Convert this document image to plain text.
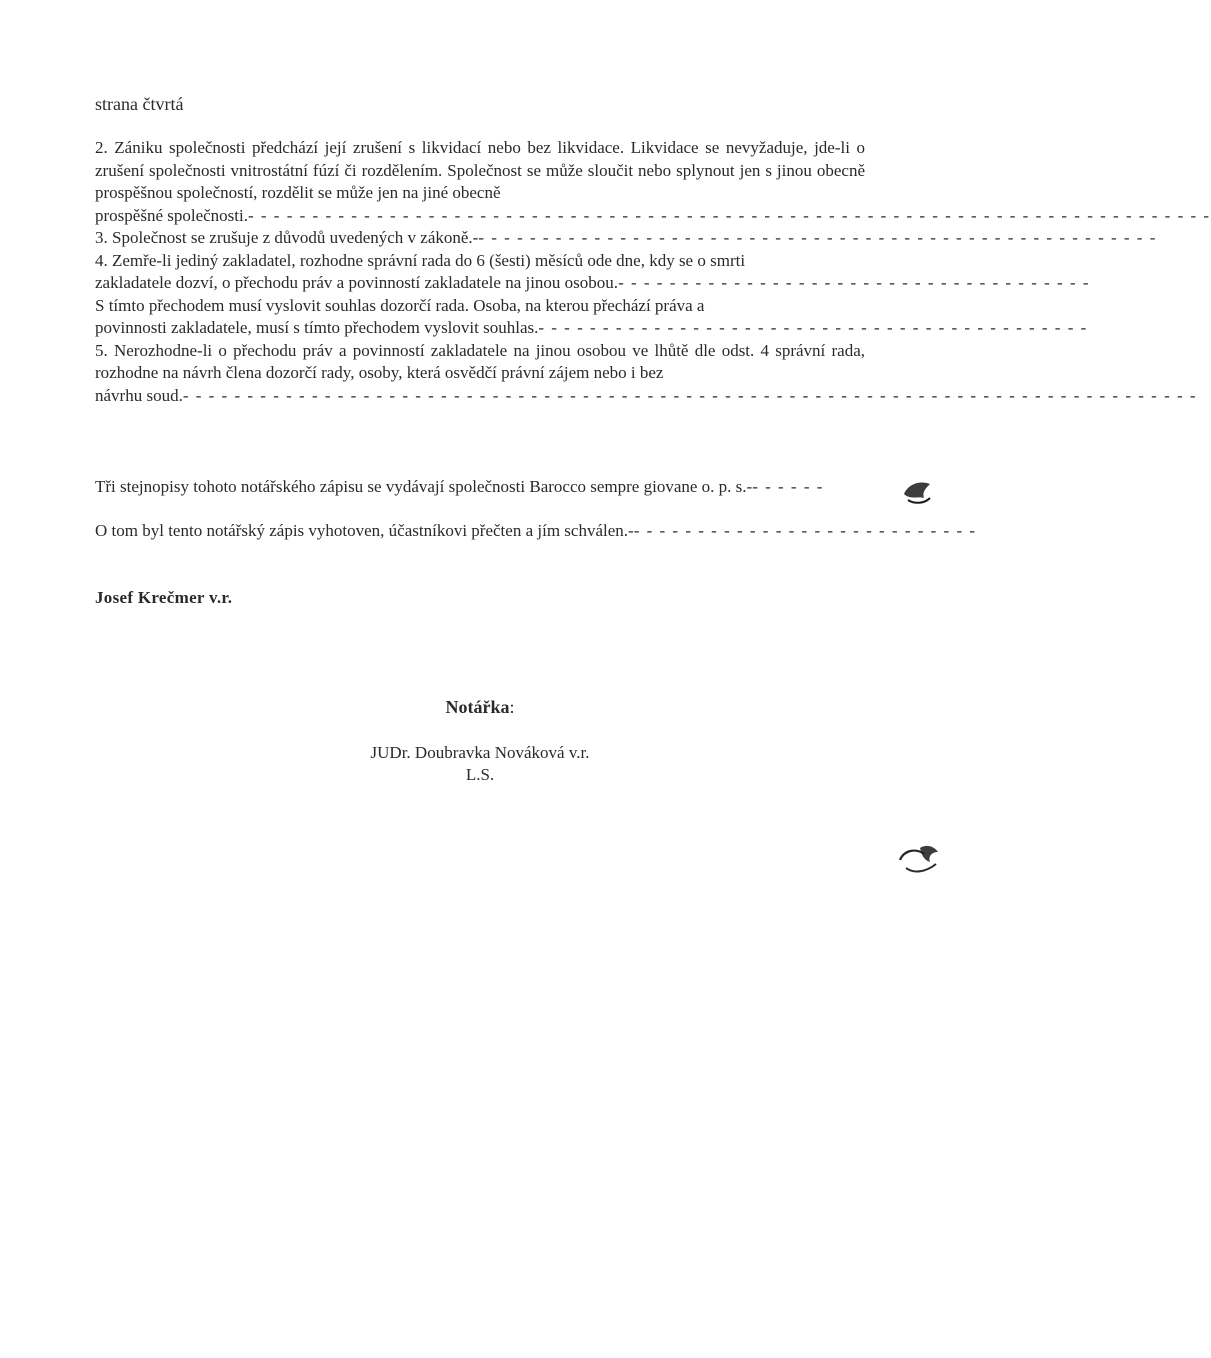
strana čtvrtá

2. Zániku společnosti předchází její zrušení s likvidací nebo bez likvidace. Likvidace se nevyžaduje, jde-li o zrušení společnosti vnitrostátní fúzí či rozdělením. Společnost se může sloučit nebo splynout jen s jinou obecně prospěšnou společností, rozdělit se může jen na jiné obecně

prospěšné společnosti. - - - - - - - - - - - - - - - - - - - - - - - - - - - - - - - - - - - - - - - - - - - - - - - - - - - - - - - - - - - - - - - - - - - - - - - - - - -

3. Společnost se zrušuje z důvodů uvedených v zákoně.- - - - - - - - - - - - - - - - - - - - - - - - - - - - - - - - - - - - - - - - - - - - - - - - - - - - - -

4. Zemře-li jediný zakladatel, rozhodne správní rada do 6 (šesti) měsíců ode dne, kdy se o smrti

zakladatele dozví, o přechodu práv a povinností zakladatele na jinou osobou. - - - - - - - - - - - - - - - - - - - - - - - - - - - - - - - - - - - - -

S tímto přechodem musí vyslovit souhlas dozorčí rada. Osoba, na kterou přechází práva a

povinnosti zakladatele, musí s tímto přechodem vyslovit souhlas. - - - - - - - - - - - - - - - - - - - - - - - - - - - - - - - - - - - - - - - - - - -

5. Nerozhodne-li o přechodu práv a povinností zakladatele na jinou osobou ve lhůtě dle odst. 4 správní rada, rozhodne na návrh člena dozorčí rady, osoby, která osvědčí právní zájem nebo i bez

návrhu soud. - - - - - - - - - - - - - - - - - - - - - - - - - - - - - - - - - - - - - - - - - - - - - - - - - - - - - - - - - - - - - - - - - - - - - - - - - - - - - - -

Tři stejnopisy tohoto notářského zápisu se vydávají společnosti Barocco sempre giovane o. p. s.- - - - - - -

O tom byl tento notářský zápis vyhotoven, účastníkovi přečten a jím schválen.- - - - - - - - - - - - - - - - - - - - - - - - - - - -

Josef Krečmer v.r.

Notářka:

JUDr. Doubravka Nováková v.r.

L.S.
